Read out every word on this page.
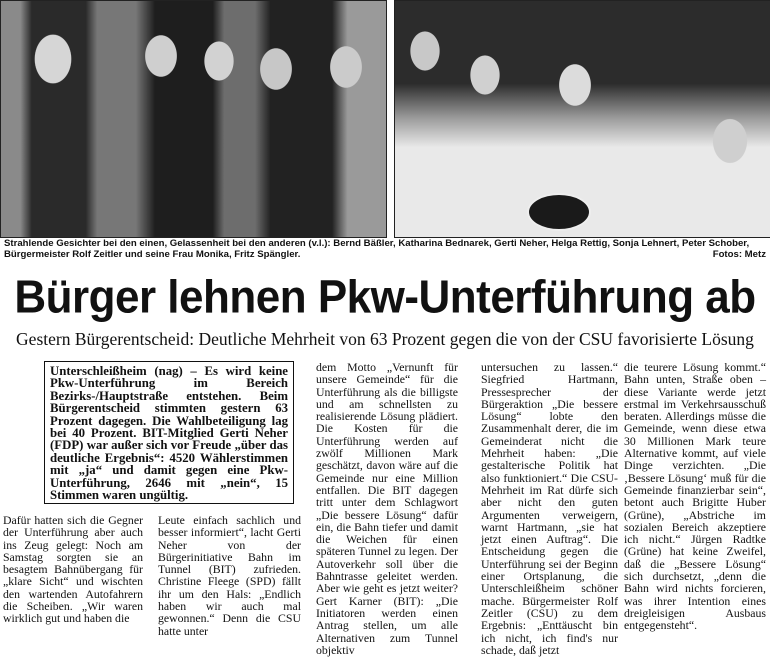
Strahlende Gesichter bei den einen, Gelassenheit bei den anderen (v.l.): Bernd Bäßler, Katharina Bednarek, Gerti Neher, Helga Rettig, Sonja Lehnert, Peter Schober, Bürgermeister Rolf Zeitler und seine Frau Monika, Fritz Spängler.	Fotos: Metz
Bürger lehnen Pkw-Unterführung ab
Gestern Bürgerentscheid: Deutliche Mehrheit von 63 Prozent gegen die von der CSU favorisierte Lösung
Unterschleißheim (nag) – Es wird keine Pkw-Unterführung im Bereich Bezirks-/Hauptstraße entstehen. Beim Bürgerentscheid stimmten gestern 63 Prozent dagegen. Die Wahlbeteiligung lag bei 40 Prozent. BIT-Mitglied Gerti Neher (FDP) war außer sich vor Freude „über das deutliche Ergebnis“: 4520 Wählerstimmen mit „ja“ und damit gegen eine Pkw-Unterführung, 2646 mit „nein“, 15 Stimmen waren ungültig.
Dafür hatten sich die Gegner der Unterführung aber auch ins Zeug gelegt: Noch am Samstag sorgten sie an besagtem Bahnübergang für „klare Sicht“ und wischten den wartenden Autofahrern die Scheiben. „Wir waren wirklich gut und haben die
Leute einfach sachlich und besser informiert“, lacht Gerti Neher von der Bürgerinitiative Bahn im Tunnel (BIT) zufrieden. Christine Fleege (SPD) fällt ihr um den Hals: „Endlich haben wir auch mal gewonnen.“ Denn die CSU hatte unter
dem Motto „Vernunft für unsere Gemeinde“ für die Unterführung als die billigste und am schnellsten zu realisierende Lösung plädiert. Die Kosten für die Unterführung werden auf zwölf Millionen Mark geschätzt, davon wäre auf die Gemeinde nur eine Million entfallen. Die BIT dagegen tritt unter dem Schlagwort „Die bessere Lösung“ dafür ein, die Bahn tiefer und damit die Weichen für einen späteren Tunnel zu legen. Der Autoverkehr soll über die Bahntrasse geleitet werden. Aber wie geht es jetzt weiter? Gert Karner (BIT): „Die Initiatoren werden einen Antrag stellen, um alle Alternativen zum Tunnel objektiv
untersuchen zu lassen.“ Siegfried Hartmann, Pressesprecher der Bürgeraktion „Die bessere Lösung“ lobte den Zusammenhalt derer, die im Gemeinderat nicht die Mehrheit haben: „Die gestalterische Politik hat also funktioniert.“ Die CSU-Mehrheit im Rat dürfe sich aber nicht den guten Argumenten verweigern, warnt Hartmann, „sie hat jetzt einen Auftrag“. Die Entscheidung gegen die Unterführung sei der Beginn einer Ortsplanung, die Unterschleißheim schöner mache. Bürgermeister Rolf Zeitler (CSU) zu dem Ergebnis: „Enttäuscht bin ich nicht, ich find's nur schade, daß jetzt
die teurere Lösung kommt.“ Bahn unten, Straße oben – diese Variante werde jetzt erstmal im Verkehrsausschuß beraten. Allerdings müsse die Gemeinde, wenn diese etwa 30 Millionen Mark teure Alternative kommt, auf viele Dinge verzichten. „Die ‚Bessere Lösung‘ muß für die Gemeinde finanzierbar sein“, betont auch Brigitte Huber (Grüne), „Abstriche im sozialen Bereich akzeptiere ich nicht.“ Jürgen Radtke (Grüne) hat keine Zweifel, daß die „Bessere Lösung“ sich durchsetzt, „denn die Bahn wird nichts forcieren, was ihrer Intention eines dreigleisigen Ausbaus entgegensteht“.
